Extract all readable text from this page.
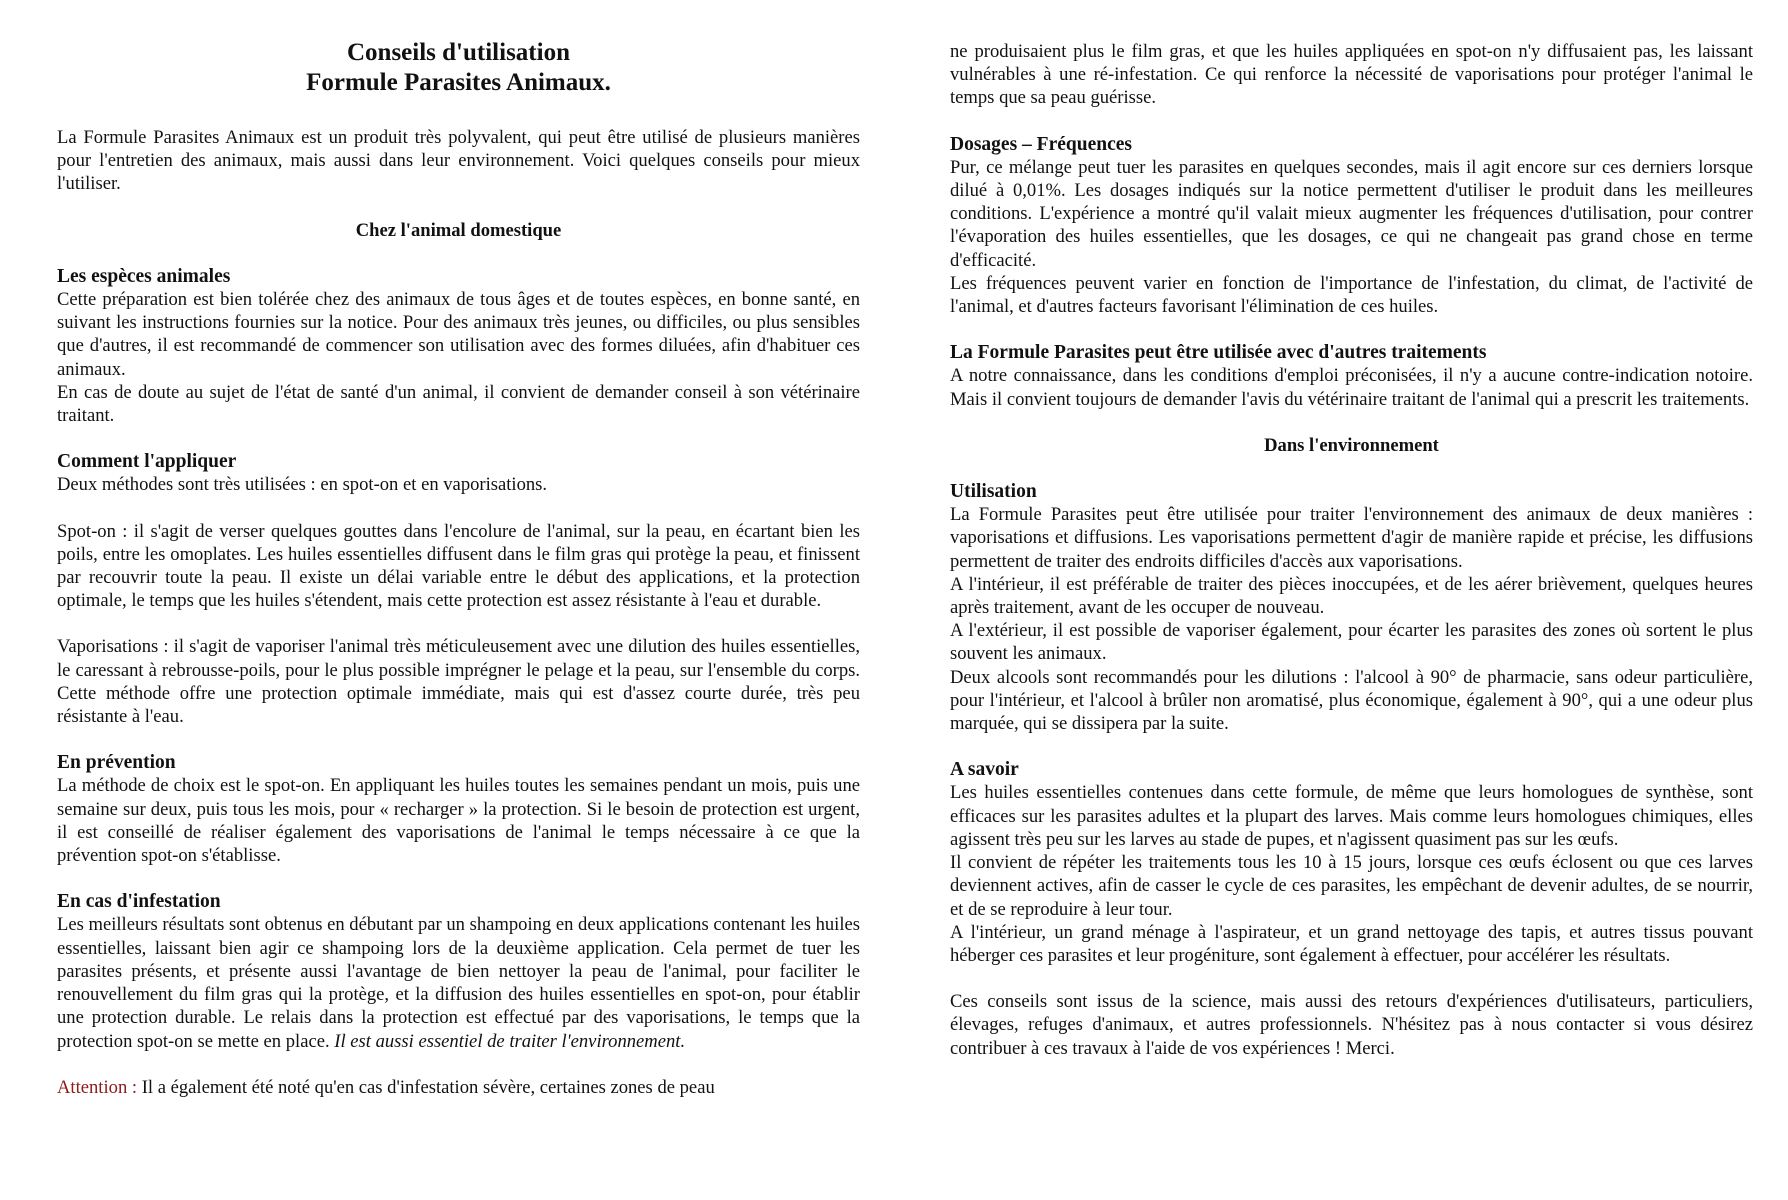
Conseils d'utilisation
Formule Parasites Animaux.

La Formule Parasites Animaux est un produit très polyvalent, qui peut être utilisé de plusieurs manières pour l'entretien des animaux, mais aussi dans leur environnement. Voici quelques conseils pour mieux l'utiliser.

Chez l'animal domestique
Les espèces animales

Cette préparation est bien tolérée chez des animaux de tous âges et de toutes espèces, en bonne santé, en suivant les instructions fournies sur la notice. Pour des animaux très jeunes, ou difficiles, ou plus sensibles que d'autres, il est recommandé de commencer son utilisation avec des formes diluées, afin d'habituer ces animaux.

En cas de doute au sujet de l'état de santé d'un animal, il convient de demander conseil à son vétérinaire traitant.

Comment l'appliquer

Deux méthodes sont très utilisées : en spot-on et en vaporisations.

Spot-on : il s'agit de verser quelques gouttes dans l'encolure de l'animal, sur la peau, en écartant bien les poils, entre les omoplates. Les huiles essentielles diffusent dans le film gras qui protège la peau, et finissent par recouvrir toute la peau. Il existe un délai variable entre le début des applications, et la protection optimale, le temps que les huiles s'étendent, mais cette protection est assez résistante à l'eau et durable.

Vaporisations : il s'agit de vaporiser l'animal très méticuleusement avec une dilution des huiles essentielles, le caressant à rebrousse-poils, pour le plus possible imprégner le pelage et la peau, sur l'ensemble du corps. Cette méthode offre une protection optimale immédiate, mais qui est d'assez courte durée, très peu résistante à l'eau.

En prévention

La méthode de choix est le spot-on. En appliquant les huiles toutes les semaines pendant un mois, puis une semaine sur deux, puis tous les mois, pour « recharger » la protection. Si le besoin de protection est urgent, il est conseillé de réaliser également des vaporisations de l'animal le temps nécessaire à ce que la prévention spot-on s'établisse.

En cas d'infestation

Les meilleurs résultats sont obtenus en débutant par un shampoing en deux applications contenant les huiles essentielles, laissant bien agir ce shampoing lors de la deuxième application. Cela permet de tuer les parasites présents, et présente aussi l'avantage de bien nettoyer la peau de l'animal, pour faciliter le renouvellement du film gras qui la protège, et la diffusion des huiles essentielles en spot-on, pour établir une protection durable. Le relais dans la protection est effectué par des vaporisations, le temps que la protection spot-on se mette en place. Il est aussi essentiel de traiter l'environnement.

Attention : Il a également été noté qu'en cas d'infestation sévère, certaines zones de peau

ne produisaient plus le film gras, et que les huiles appliquées en spot-on n'y diffusaient pas, les laissant vulnérables à une ré-infestation. Ce qui renforce la nécessité de vaporisations pour protéger l'animal le temps que sa peau guérisse.

Dosages – Fréquences

Pur, ce mélange peut tuer les parasites en quelques secondes, mais il agit encore sur ces derniers lorsque dilué à 0,01%. Les dosages indiqués sur la notice permettent d'utiliser le produit dans les meilleures conditions. L'expérience a montré qu'il valait mieux augmenter les fréquences d'utilisation, pour contrer l'évaporation des huiles essentielles, que les dosages, ce qui ne changeait pas grand chose en terme d'efficacité.

Les fréquences peuvent varier en fonction de l'importance de l'infestation, du climat, de l'activité de l'animal, et d'autres facteurs favorisant l'élimination de ces huiles.

La Formule Parasites peut être utilisée avec d'autres traitements

A notre connaissance, dans les conditions d'emploi préconisées, il n'y a aucune contre-indication notoire. Mais il convient toujours de demander l'avis du vétérinaire traitant de l'animal qui a prescrit les traitements.

Dans l'environnement
Utilisation

La Formule Parasites peut être utilisée pour traiter l'environnement des animaux de deux manières : vaporisations et diffusions. Les vaporisations permettent d'agir de manière rapide et précise, les diffusions permettent de traiter des endroits difficiles d'accès aux vaporisations.

A l'intérieur, il est préférable de traiter des pièces inoccupées, et de les aérer brièvement, quelques heures après traitement, avant de les occuper de nouveau.

A l'extérieur, il est possible de vaporiser également, pour écarter les parasites des zones où sortent le plus souvent les animaux.

Deux alcools sont recommandés pour les dilutions : l'alcool à 90° de pharmacie, sans odeur particulière, pour l'intérieur, et l'alcool à brûler non aromatisé, plus économique, également à 90°, qui a une odeur plus marquée, qui se dissipera par la suite.

A savoir

Les huiles essentielles contenues dans cette formule, de même que leurs homologues de synthèse, sont efficaces sur les parasites adultes et la plupart des larves. Mais comme leurs homologues chimiques, elles agissent très peu sur les larves au stade de pupes, et n'agissent quasiment pas sur les œufs.

Il convient de répéter les traitements tous les 10 à 15 jours, lorsque ces œufs éclosent ou que ces larves deviennent actives, afin de casser le cycle de ces parasites, les empêchant de devenir adultes, de se nourrir, et de se reproduire à leur tour.

A l'intérieur, un grand ménage à l'aspirateur, et un grand nettoyage des tapis, et autres tissus pouvant héberger ces parasites et leur progéniture, sont également à effectuer, pour accélérer les résultats.

Ces conseils sont issus de la science, mais aussi des retours d'expériences d'utilisateurs, particuliers, élevages, refuges d'animaux, et autres professionnels. N'hésitez pas à nous contacter si vous désirez contribuer à ces travaux à l'aide de vos expériences ! Merci.
